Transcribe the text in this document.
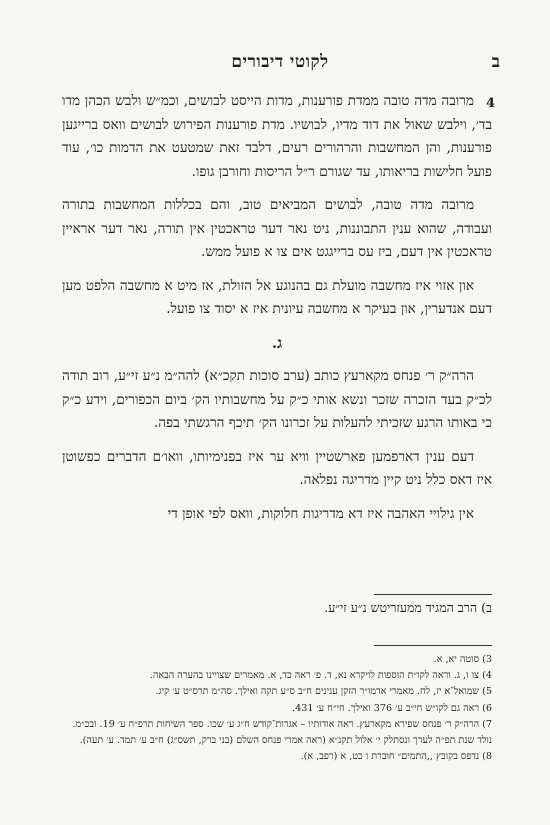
לקוטי דיבורים	ב
4

מרובה מדה טובה ממדת פורענות, מדות הייסט לבושים, וכמ״ש ולבש הכהן מדו בד׳, וילבש שאול את דוד מדיו, לבושיו. מדת פורענות הפירוש לבושים וואס ברייגען פורענות, והן המחשבות והרהורים רעים, דלבד זאת שמטעט את הדמות כו׳, עוד פועל חלישות בריאותו, עד שגורם ר״ל הריסות וחורבן גופו.

מרובה מדה טובה, לבושים המביאים טוב, והם בכללות המחשבות בתורה ועבודה, שהוא ענין התבוננות, ניט נאר דער טראכטין אין תורה, נאר דער אראיין טראכטין אין דעם, ביז עס ברייגגט אים צו א פועל ממש.

און אזוי איז מחשבה מועלת גם בהנוגע אל הזולת, אז מיט א מחשבה הלפט מען דעם אנדערין, און בעיקר א מחשבה עיונית איז א יסוד צו פועל.

ג.

הרה״ק ר׳ פנחס מקארעץ כותב (ערב סוכות תקכ״א) להה״מ נ״ע זי״ע, רוב תודה לכ״ק בעד הזכרה שזכר ונשא אותי כ״ק על מחשבותיו הק׳ ביום הכפורים, וידע כ״ק כי באותו הרגע שזכיתי להעלות על זכרונו הק׳ תיכף הרגשתי בפה.

דעם ענין דארפמען פארשטיין וויא ער איז בפנימיותו, וואו׳ם הדברים כפשוטן איז דאס כלל ניט קיין מדריגה נפלאה.

אין גילויי האהבה איז דא מדריגות חלוקות, וואס לפי אופן די

ב) הרב המגיד ממעזריטש נ״ע זי״ע.
3) סוטה יא, א.
4) צו ו, ג. וראה לקו״ת הוספות לויקרא נא, ד. פ׳ ראה כד, א. מאמרים שצויינו בהערה הבאה.
5) שמואל־א יז, לח. מאמרי אדמו״ר הזקן ענינים ח״ב ס״ע תקה ואילך. סה״מ תרס״ט ע׳ קיג.
6) ראה גם לקו״ש חי״ב ע׳ 376 ואילך. חי״ח ע׳ 431.
7) הרה״ק ר׳ פנחס שפירא מקארעץ. ראה אודותיו – אגרות־קודש ח״ג ע׳ שכו. ספר השיחות תרפ״ח ע׳ 19. ובכ״מ. נולד שנת תפ״ה לערך ונסתלק י׳ אלול תקנ״א (ראה אמרי פנחס השלם (בני ברק, תשס״ג) ח״ב ע׳ תמד. ע׳ תעה).
8) נדפס בקובץ ,,התמים״ חוברת ו כט, א (רפב, א).
